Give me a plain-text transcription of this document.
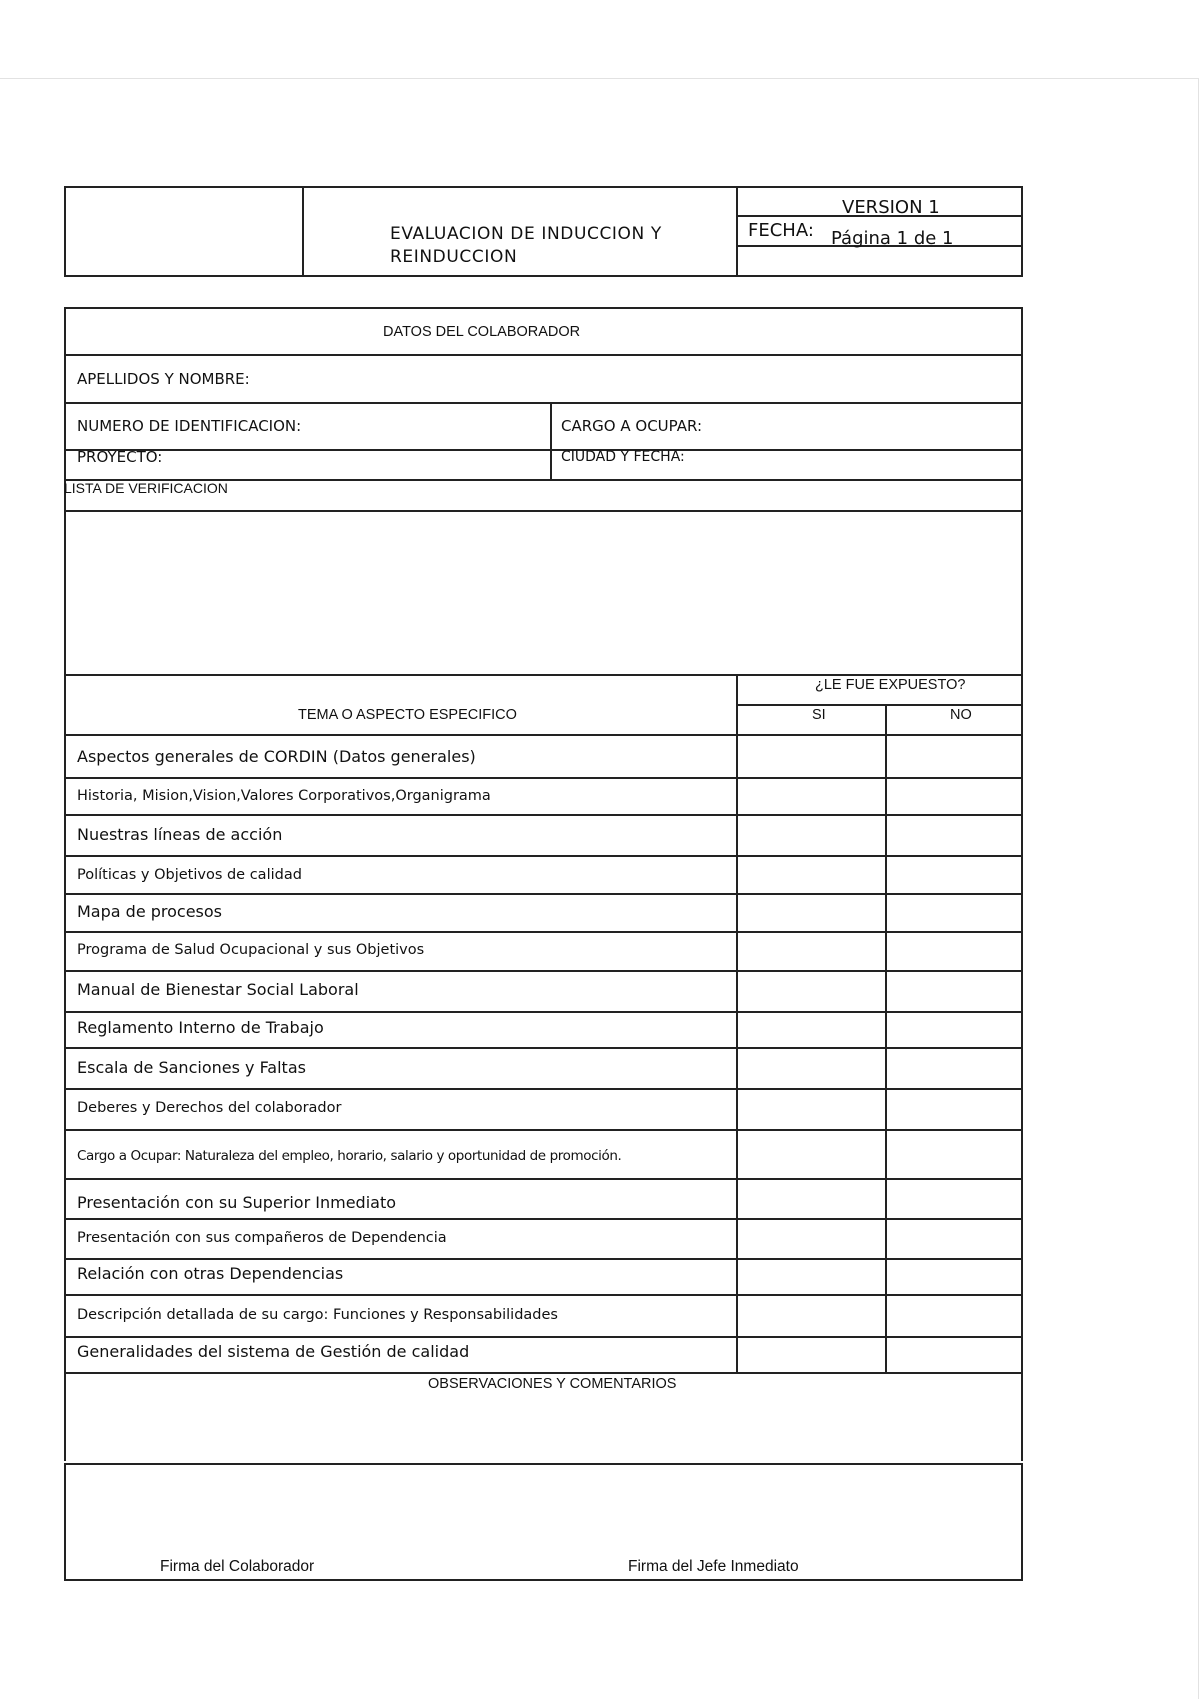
EVALUACION DE INDUCCION Y
REINDUCCION
VERSION 1
FECHA: Página 1 de 1
DATOS DEL COLABORADOR
APELLIDOS Y NOMBRE:
NUMERO DE IDENTIFICACION:	CARGO A OCUPAR:
PROYECTO:	CIUDAD Y FECHA:
LISTA DE VERIFICACION
TEMA O ASPECTO ESPECIFICO
¿LE FUE EXPUESTO?
SI	NO
Aspectos generales de CORDIN (Datos generales)
Historia, Mision,Vision,Valores Corporativos,Organigrama
Nuestras líneas de acción
Políticas y Objetivos de calidad
Mapa de procesos
Programa de Salud Ocupacional y sus Objetivos
Manual de Bienestar Social Laboral
Reglamento Interno de Trabajo
Escala de Sanciones y Faltas
Deberes y Derechos del colaborador
Cargo a Ocupar: Naturaleza del empleo, horario, salario y oportunidad de promoción.
Presentación con su Superior Inmediato
Presentación con sus compañeros de Dependencia
Relación con otras Dependencias
Descripción detallada de su cargo: Funciones y Responsabilidades
Generalidades del sistema de Gestión de calidad
OBSERVACIONES Y COMENTARIOS
Firma del Colaborador	Firma del Jefe Inmediato
